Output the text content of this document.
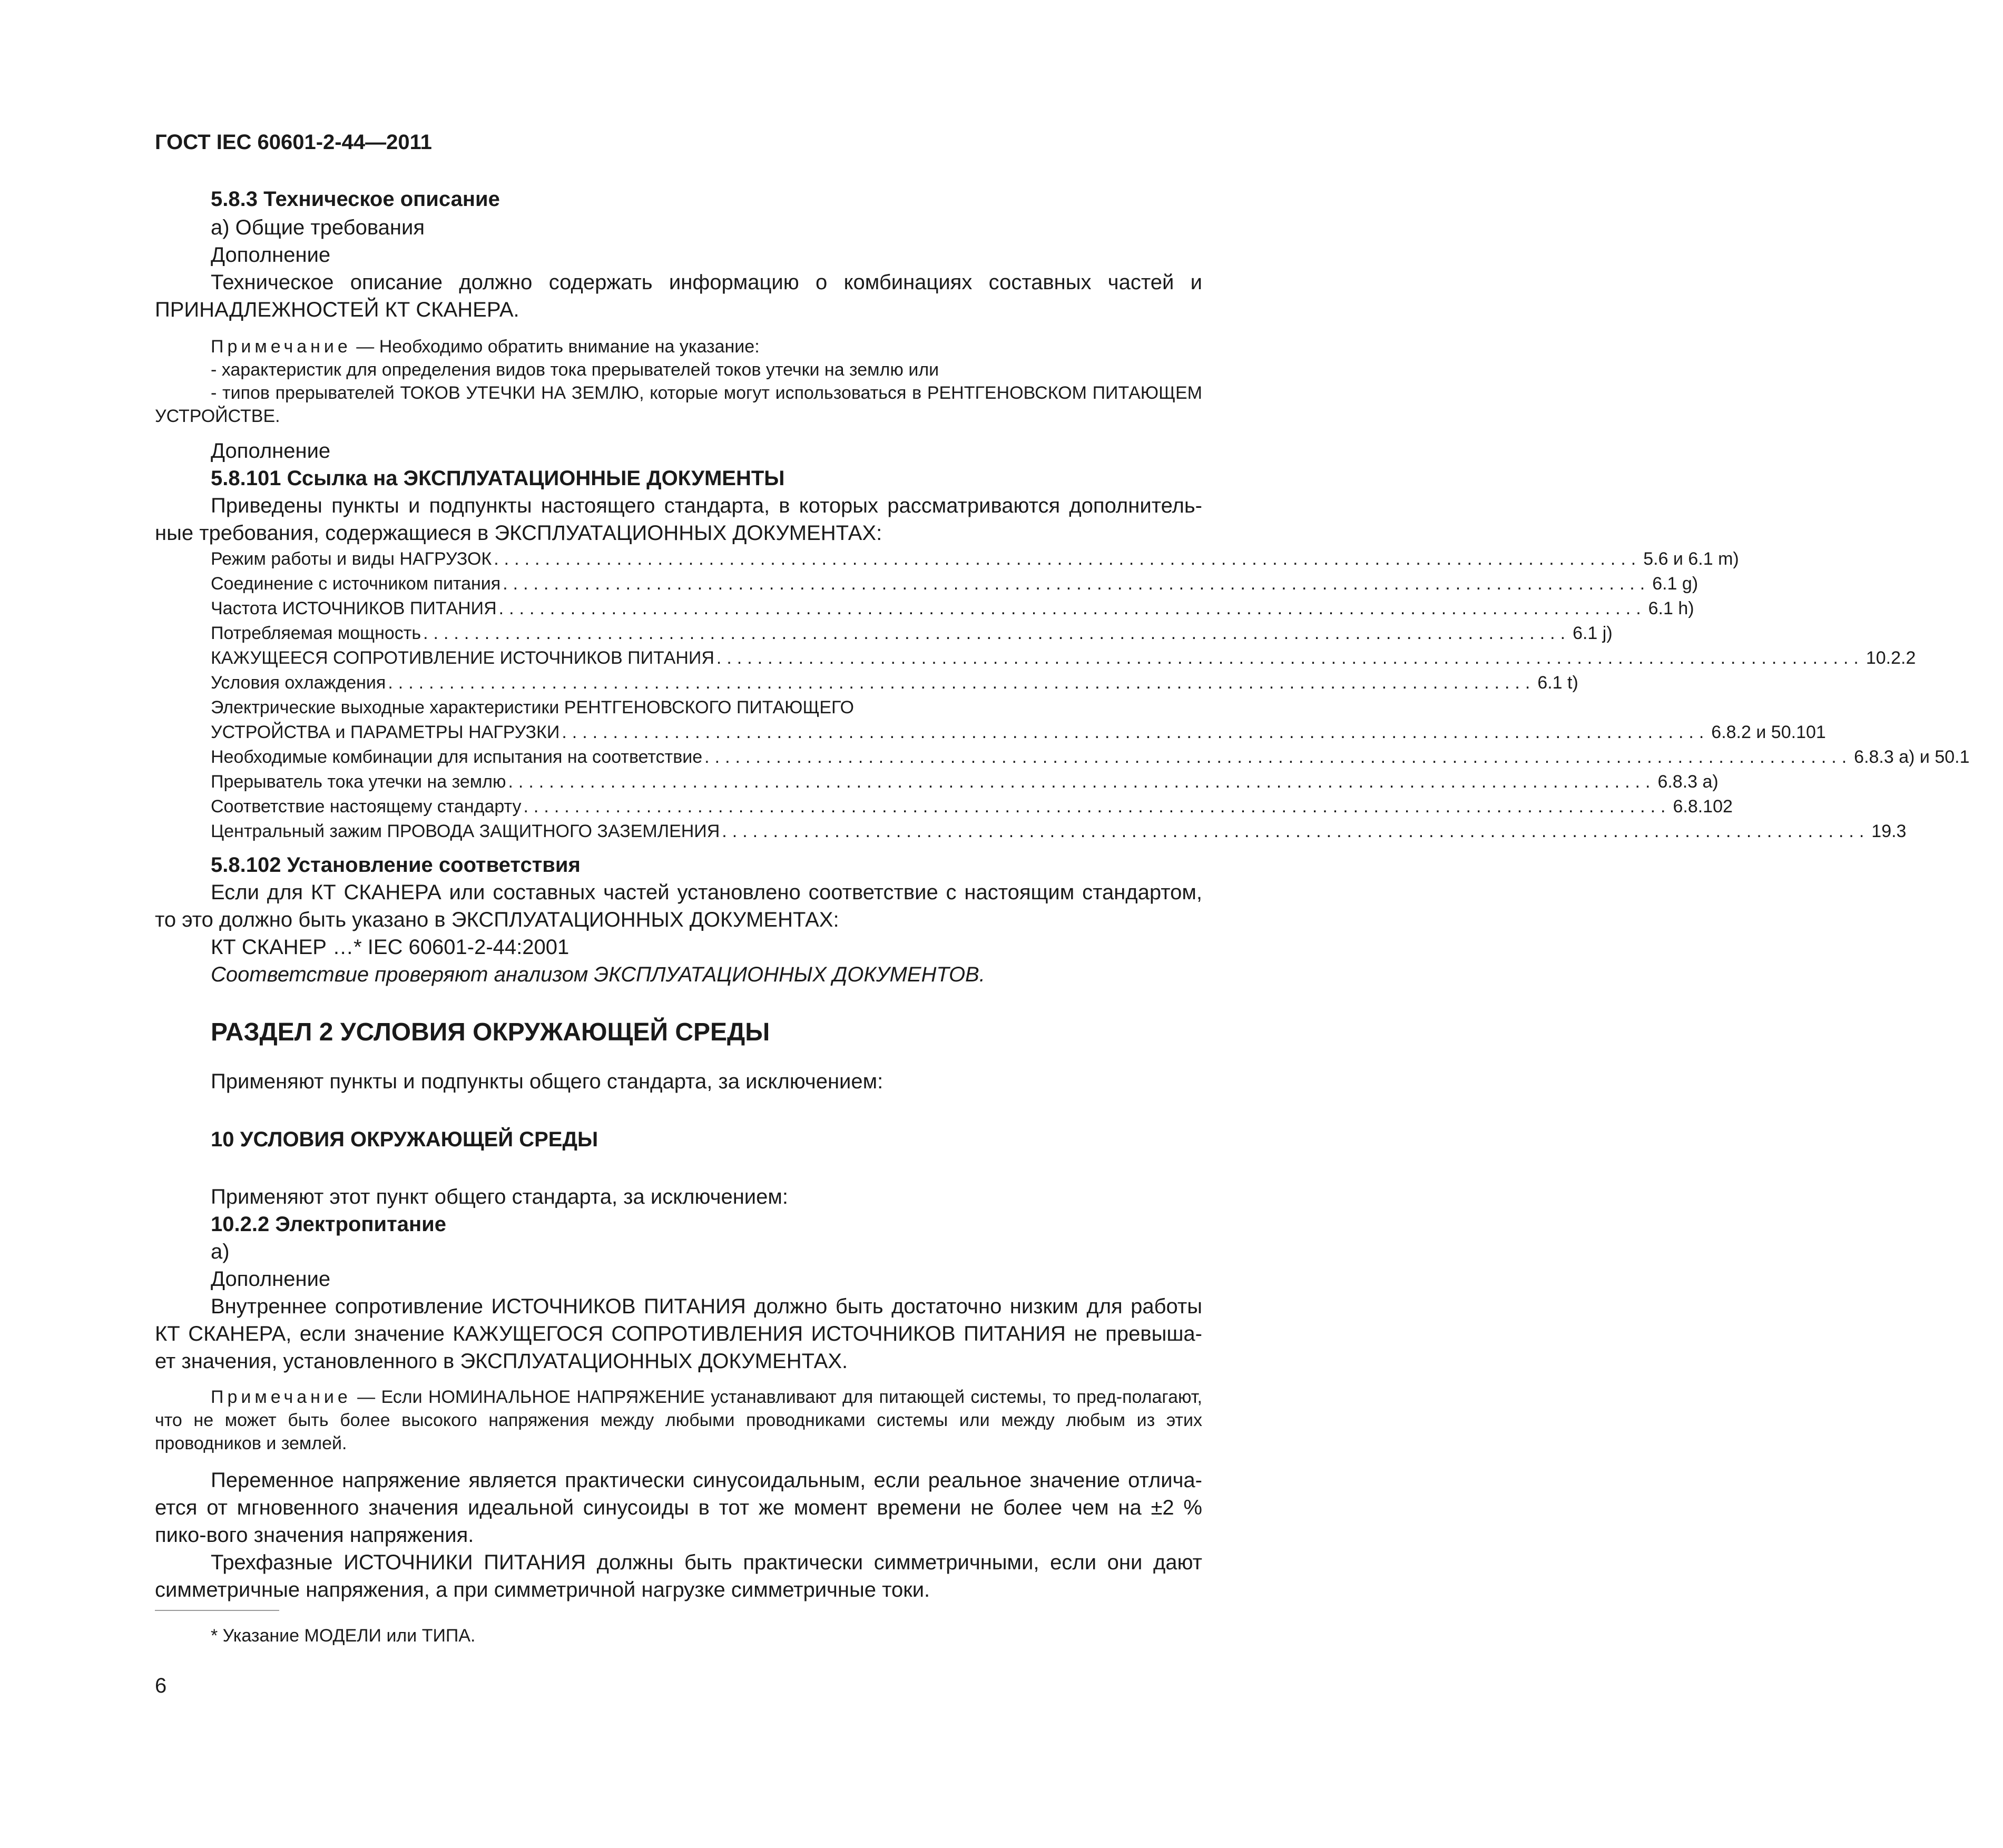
ГОСТ IEC 60601-2-44—2011

5.8.3 Техническое описание

а) Общие требования

Дополнение

Техническое описание должно содержать информацию о комбинациях составных частей и ПРИНАДЛЕЖНОСТЕЙ КТ СКАНЕРА.

Примечание — Необходимо обратить внимание на указание:

- характеристик для определения видов тока прерывателей токов утечки на землю или

- типов прерывателей ТОКОВ УТЕЧКИ НА ЗЕМЛЮ, которые могут использоваться в РЕНТГЕНОВСКОМ ПИТАЮЩЕМ УСТРОЙСТВЕ.

Дополнение

5.8.101 Ссылка на ЭКСПЛУАТАЦИОННЫЕ ДОКУМЕНТЫ

Приведены пункты и подпункты настоящего стандарта, в которых рассматриваются дополнитель-ные требования, содержащиеся в ЭКСПЛУАТАЦИОННЫХ ДОКУМЕНТАХ:

Режим работы и виды НАГРУЗОК ................................................................................................................ 5.6 и 6.1 m)
Соединение с источником питания ................................................................................................................ 6.1 g)
Частота ИСТОЧНИКОВ ПИТАНИЯ ................................................................................................................ 6.1 h)
Потребляемая мощность ................................................................................................................ 6.1 j)
КАЖУЩЕЕСЯ СОПРОТИВЛЕНИЕ ИСТОЧНИКОВ ПИТАНИЯ ................................................................................................................ 10.2.2
Условия охлаждения ................................................................................................................ 6.1 t)
Электрические выходные характеристики РЕНТГЕНОВСКОГО ПИТАЮЩЕГО
УСТРОЙСТВА и ПАРАМЕТРЫ НАГРУЗКИ ................................................................................................................ 6.8.2 и 50.101
Необходимые комбинации для испытания на соответствие ................................................................................................................ 6.8.3 а) и 50.1
Прерыватель тока утечки на землю ................................................................................................................ 6.8.3 а)
Соответствие настоящему стандарту ................................................................................................................ 6.8.102
Центральный зажим ПРОВОДА ЗАЩИТНОГО ЗАЗЕМЛЕНИЯ ................................................................................................................ 19.3

5.8.102 Установление соответствия

Если для КТ СКАНЕРА или составных частей установлено соответствие с настоящим стандартом, то это должно быть указано в ЭКСПЛУАТАЦИОННЫХ ДОКУМЕНТАХ:

КТ СКАНЕР …* IEC 60601-2-44:2001

Соответствие проверяют анализом ЭКСПЛУАТАЦИОННЫХ ДОКУМЕНТОВ.

РАЗДЕЛ 2 УСЛОВИЯ ОКРУЖАЮЩЕЙ СРЕДЫ

Применяют пункты и подпункты общего стандарта, за исключением:

10 УСЛОВИЯ ОКРУЖАЮЩЕЙ СРЕДЫ

Применяют этот пункт общего стандарта, за исключением:

10.2.2 Электропитание

а)

Дополнение

Внутреннее сопротивление ИСТОЧНИКОВ ПИТАНИЯ должно быть достаточно низким для работы КТ СКАНЕРА, если значение КАЖУЩЕГОСЯ СОПРОТИВЛЕНИЯ ИСТОЧНИКОВ ПИТАНИЯ не превыша-ет значения, установленного в ЭКСПЛУАТАЦИОННЫХ ДОКУМЕНТАХ.

Примечание — Если НОМИНАЛЬНОЕ НАПРЯЖЕНИЕ устанавливают для питающей системы, то пред-полагают, что не может быть более высокого напряжения между любыми проводниками системы или между любым из этих проводников и землей.

Переменное напряжение является практически синусоидальным, если реальное значение отлича-ется от мгновенного значения идеальной синусоиды в тот же момент времени не более чем на ±2 % пико-вого значения напряжения.

Трехфазные ИСТОЧНИКИ ПИТАНИЯ должны быть практически симметричными, если они дают симметричные напряжения, а при симметричной нагрузке симметричные токи.

* Указание МОДЕЛИ или ТИПА.
6
